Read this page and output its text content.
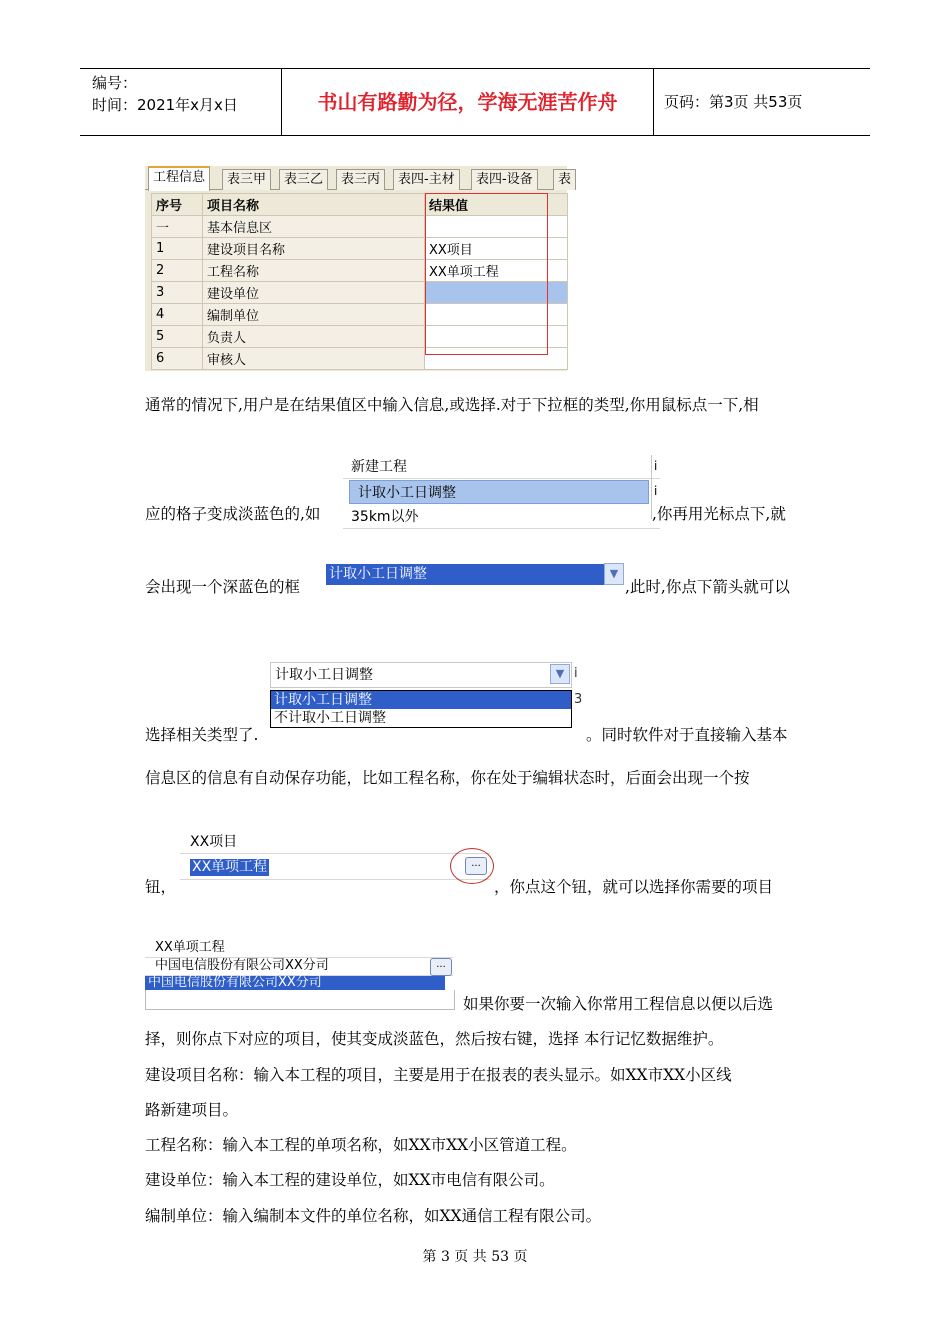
编号：
时间：2021年x月x日	书山有路勤为径，学海无涯苦作舟	页码：第3页 共53页
工程信息	表三甲	表三乙	表三丙	表四-主材	表四-设备	表
序号	项目名称	结果值
一	基本信息区	
1	建设项目名称	XX项目
2	工程名称	XX单项工程
3	建设单位	
4	编制单位	
5	负责人	
6	审核人	
通常的情况下,用户是在结果值区中输入信息,或选择.对于下拉框的类型,你用鼠标点一下,相
应的格子变成淡蓝色的,如
新建工程
计取小工日调整
35km以外
i
i
,你再用光标点下,就
会出现一个深蓝色的框
计取小工日调整	▼
,此时,你点下箭头就可以
选择相关类型了.
计取小工日调整	▼
计取小工日调整
不计取小工日调整
i
3
。同时软件对于直接输入基本
信息区的信息有自动保存功能，比如工程名称，你在处于编辑状态时，后面会出现一个按
钮，
XX项目
XX单项工程	...
，你点这个钮，就可以选择你需要的项目
XX单项工程
中国电信股份有限公司XX分司	...
中国电信股份有限公司XX分司
如果你要一次输入你常用工程信息以便以后选
择，则你点下对应的项目，使其变成淡蓝色，然后按右键，选择 本行记忆数据维护。
建设项目名称：输入本工程的项目，主要是用于在报表的表头显示。如XX市XX小区线
路新建项目。
工程名称：输入本工程的单项名称，如XX市XX小区管道工程。
建设单位：输入本工程的建设单位，如XX市电信有限公司。
编制单位：输入编制本文件的单位名称，如XX通信工程有限公司。
第 3 页 共 53 页
